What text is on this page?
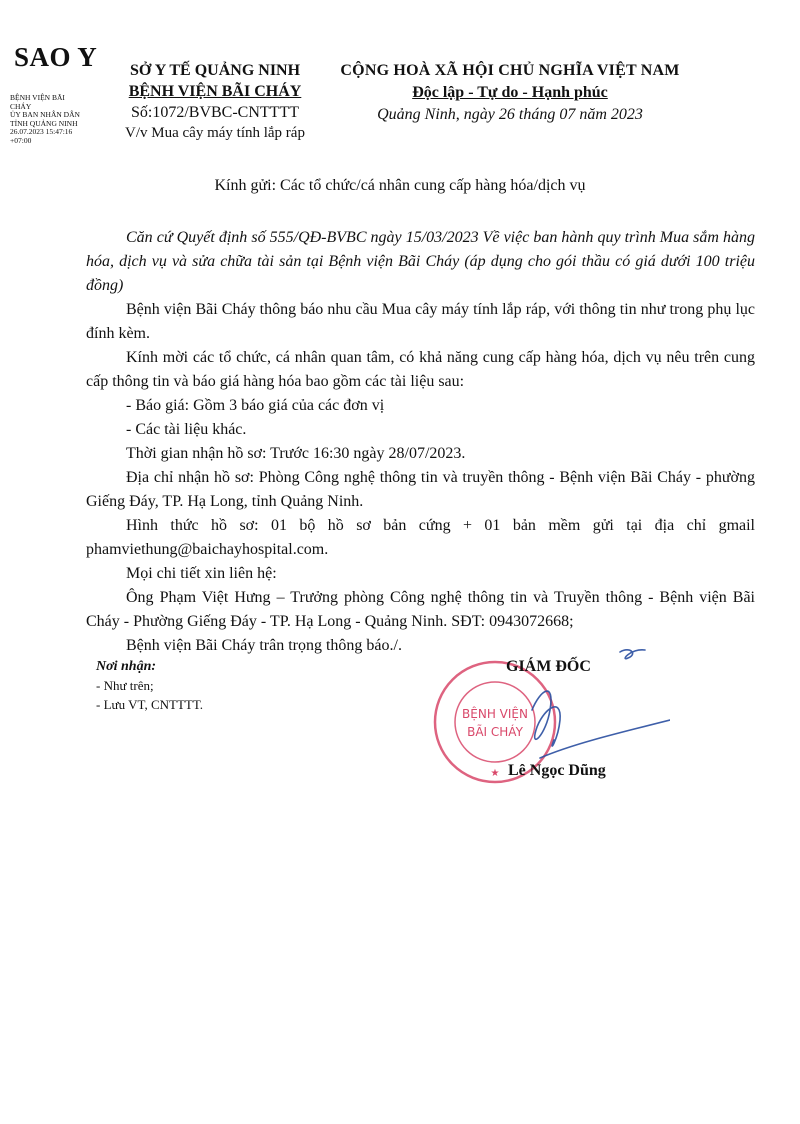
SAO Y
BỆNH VIỆN BÃI
CHÁY
ỦY BAN NHÂN DÂN
TỈNH QUẢNG NINH
26.07.2023 15:47:16
+07:00
SỞ Y TẾ QUẢNG NINH
BỆNH VIỆN BÃI CHÁY
Số:1072/BVBC-CNTTTT
V/v Mua cây máy tính lắp ráp
CỘNG HOÀ XÃ HỘI CHỦ NGHĨA VIỆT NAM
Độc lập - Tự do - Hạnh phúc
Quảng Ninh, ngày 26 tháng 07 năm 2023
Kính gửi: Các tổ chức/cá nhân cung cấp hàng hóa/dịch vụ

Căn cứ Quyết định số 555/QĐ-BVBC ngày 15/03/2023 Về việc ban hành quy trình Mua sắm hàng hóa, dịch vụ và sửa chữa tài sản tại Bệnh viện Bãi Cháy (áp dụng cho gói thầu có giá dưới 100 triệu đồng)

Bệnh viện Bãi Cháy thông báo nhu cầu Mua cây máy tính lắp ráp, với thông tin như trong phụ lục đính kèm.

Kính mời các tổ chức, cá nhân quan tâm, có khả năng cung cấp hàng hóa, dịch vụ nêu trên cung cấp thông tin và báo giá hàng hóa bao gồm các tài liệu sau:

- Báo giá: Gồm 3 báo giá của các đơn vị

- Các tài liệu khác.

Thời gian nhận hồ sơ: Trước 16:30 ngày 28/07/2023.

Địa chỉ nhận hồ sơ: Phòng Công nghệ thông tin và truyền thông - Bệnh viện Bãi Cháy - phường Giếng Đáy, TP. Hạ Long, tỉnh Quảng Ninh.

Hình thức hồ sơ: 01 bộ hồ sơ bản cứng + 01 bản mềm gửi tại địa chỉ gmail phamviethung@baichayhospital.com.

Mọi chi tiết xin liên hệ:

Ông Phạm Việt Hưng – Trưởng phòng Công nghệ thông tin và Truyền thông - Bệnh viện Bãi Cháy - Phường Giếng Đáy - TP. Hạ Long - Quảng Ninh. SĐT: 0943072668;

Bệnh viện Bãi Cháy trân trọng thông báo./.

Nơi nhận:
- Như trên;
- Lưu VT, CNTTTT.
BỆNH VIỆN
BÃI CHÁY
★
GIÁM ĐỐC
Lê Ngọc Dũng
